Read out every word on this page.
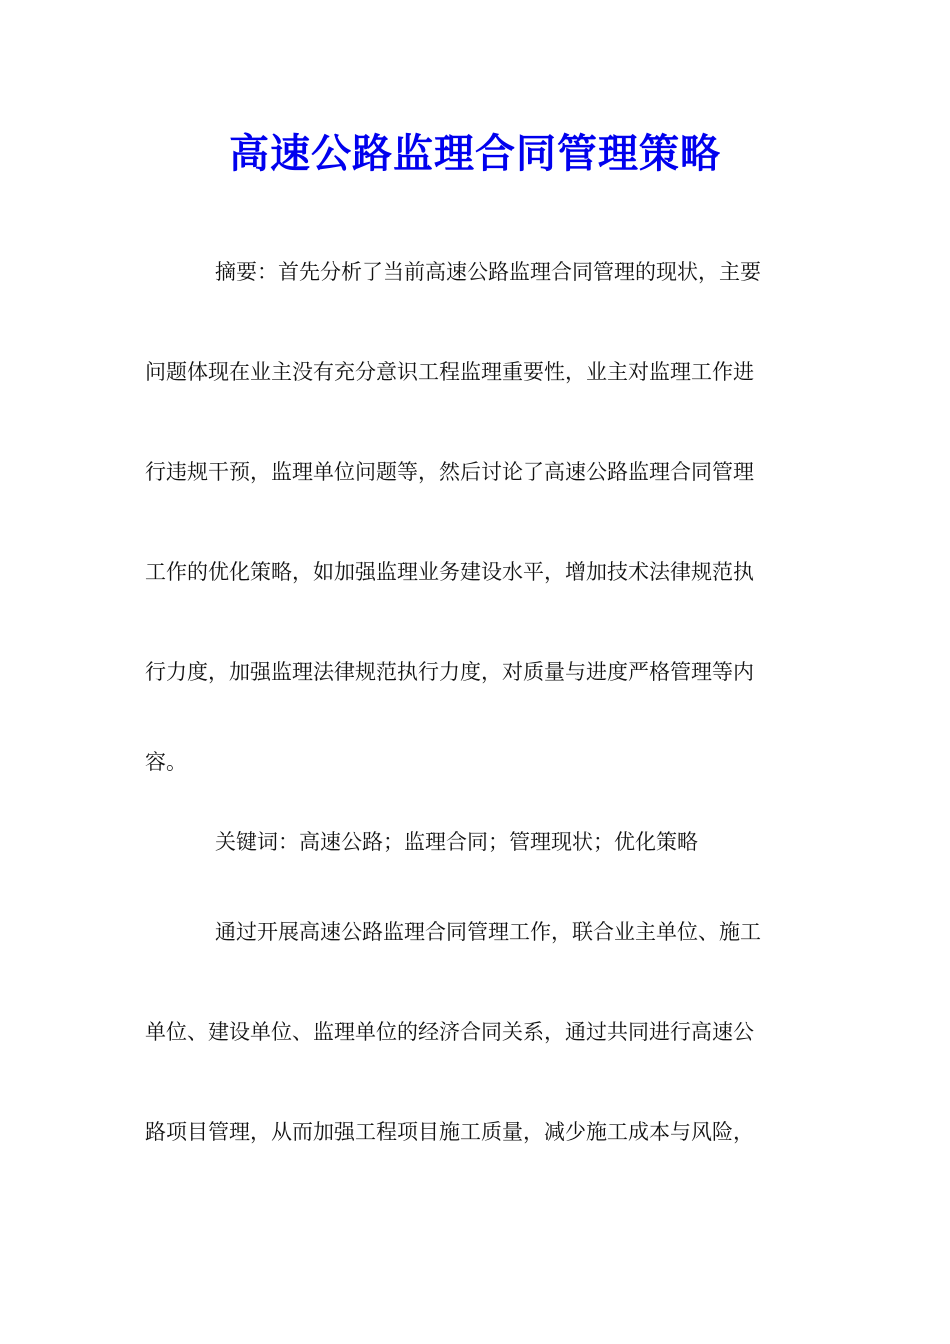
高速公路监理合同管理策略
摘要：首先分析了当前高速公路监理合同管理的现状，主要
问题体现在业主没有充分意识工程监理重要性，业主对监理工作进
行违规干预，监理单位问题等，然后讨论了高速公路监理合同管理
工作的优化策略，如加强监理业务建设水平，增加技术法律规范执
行力度，加强监理法律规范执行力度，对质量与进度严格管理等内
容。
关键词：高速公路；监理合同；管理现状；优化策略
通过开展高速公路监理合同管理工作，联合业主单位、施工
单位、建设单位、监理单位的经济合同关系，通过共同进行高速公
路项目管理，从而加强工程项目施工质量，减少施工成本与风险，
